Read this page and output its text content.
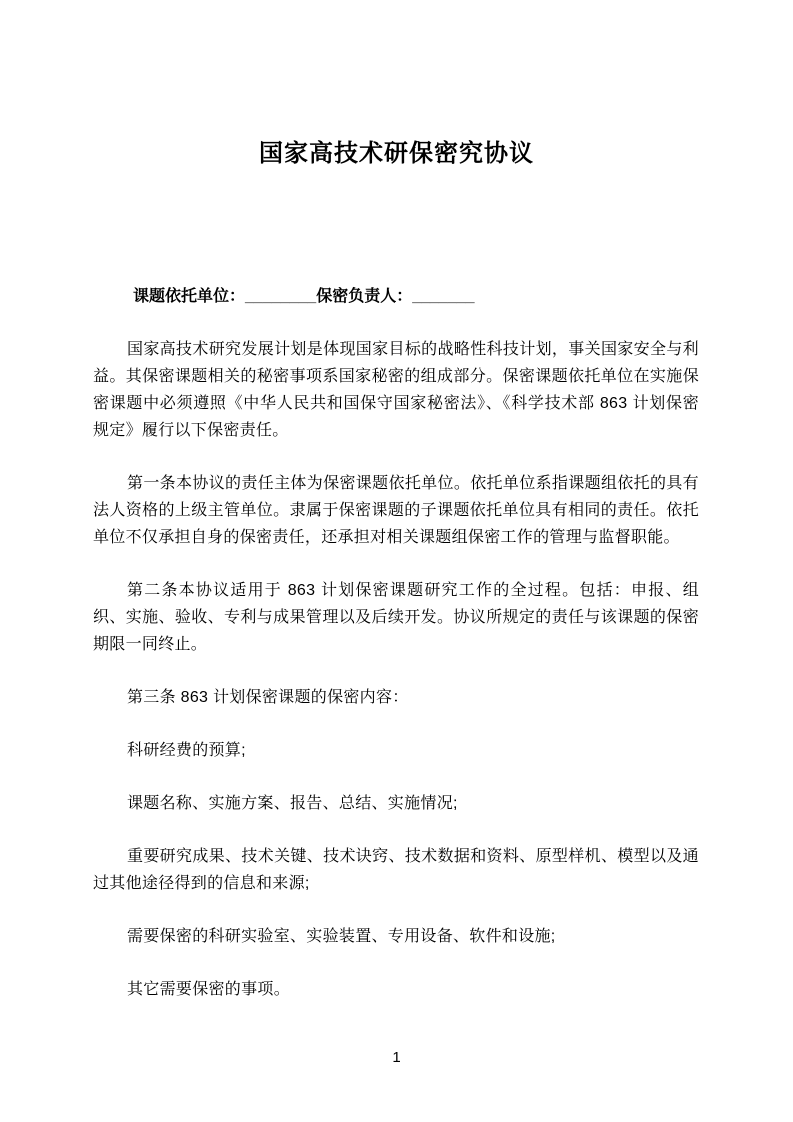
国家高技术研保密究协议
课题依托单位：________保密负责人：_______

国家高技术研究发展计划是体现国家目标的战略性科技计划，事关国家安全与利益。其保密课题相关的秘密事项系国家秘密的组成部分。保密课题依托单位在实施保密课题中必须遵照《中华人民共和国保守国家秘密法》、《科学技术部 863 计划保密规定》履行以下保密责任。

第一条本协议的责任主体为保密课题依托单位。依托单位系指课题组依托的具有法人资格的上级主管单位。隶属于保密课题的子课题依托单位具有相同的责任。依托单位不仅承担自身的保密责任，还承担对相关课题组保密工作的管理与监督职能。

第二条本协议适用于 863 计划保密课题研究工作的全过程。包括：申报、组织、实施、验收、专利与成果管理以及后续开发。协议所规定的责任与该课题的保密期限一同终止。

第三条 863 计划保密课题的保密内容：

科研经费的预算;

课题名称、实施方案、报告、总结、实施情况;

重要研究成果、技术关键、技术诀窍、技术数据和资料、原型样机、模型以及通过其他途径得到的信息和来源;

需要保密的科研实验室、实验装置、专用设备、软件和设施;

其它需要保密的事项。

1
